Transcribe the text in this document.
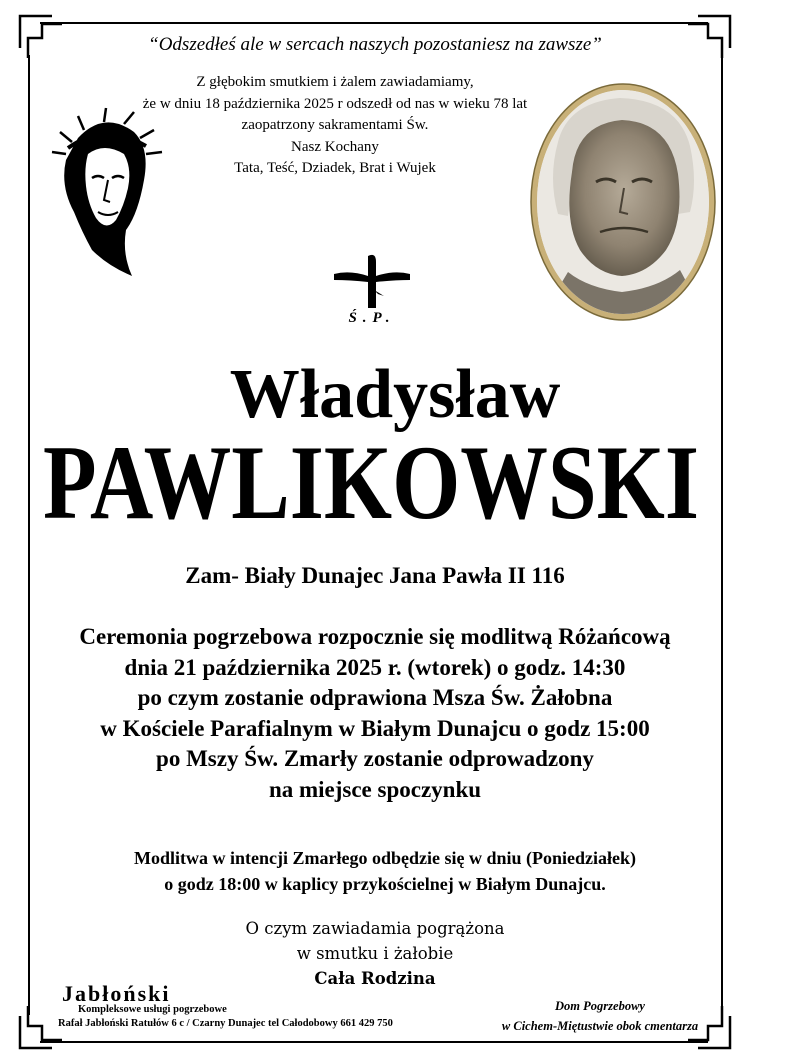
“Odszedłeś ale w sercach naszych pozostaniesz na zawsze”
Z głębokim smutkiem i żalem zawiadamiamy,
że w dniu 18 października 2025 r odszedł od nas w wieku 78 lat
zaopatrzony sakramentami Św.
Nasz Kochany
Tata, Teść, Dziadek, Brat i Wujek
Ś.P.
Władysław
PAWLIKOWSKI
Zam- Biały Dunajec Jana Pawła II 116
Ceremonia pogrzebowa rozpocznie się modlitwą Różańcową
dnia 21 października 2025 r. (wtorek) o godz. 14:30
po czym zostanie odprawiona Msza Św. Żałobna
w Kościele Parafialnym w Białym Dunajcu o godz 15:00
po Mszy Św. Zmarły zostanie odprowadzony
na miejsce spoczynku
Modlitwa w intencji Zmarłego odbędzie się w dniu (Poniedziałek)
o godz 18:00 w kaplicy przykościelnej w Białym Dunajcu.
O czym zawiadamia pogrążona
w smutku i żałobie
Cała Rodzina
Dom Pogrzebowy
w Cichem-Miętustwie obok cmentarza
Jabłoński
Kompleksowe usługi pogrzebowe
Rafał Jabłoński Ratułów 6 c / Czarny Dunajec tel Całodobowy 661 429 750
